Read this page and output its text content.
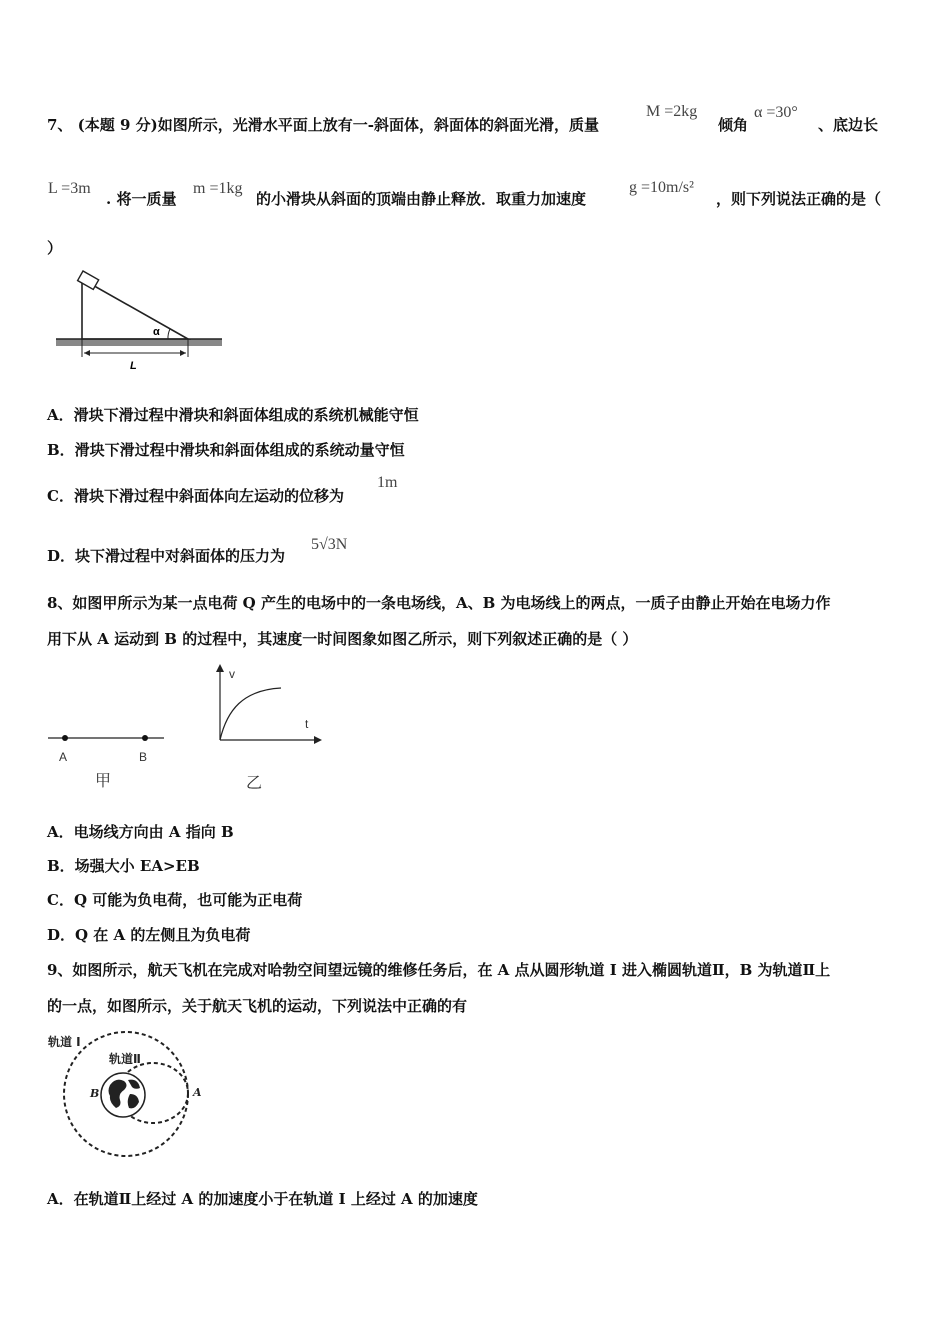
7、 (本题 9 分)如图所示，光滑水平面上放有一-斜面体，斜面体的斜面光滑，质量
M =2kg
倾角
α =30°
、底边长
L =3m
. 将一质量
m =1kg
的小滑块从斜面的顶端由静止释放．取重力加速度
g =10m/s²
，则下列说法正确的是（
）
α
L
A．滑块下滑过程中滑块和斜面体组成的系统机械能守恒
B．滑块下滑过程中滑块和斜面体组成的系统动量守恒
C．滑块下滑过程中斜面体向左运动的位移为
1m
D．块下滑过程中对斜面体的压力为
5√3N
8、如图甲所示为某一点电荷 Q 产生的电场中的一条电场线，A、B 为电场线上的两点，一质子由静止开始在电场力作
用下从 A 运动到 B 的过程中，其速度一时间图象如图乙所示，则下列叙述正确的是（ ）
A	B
甲
v
t
乙
A．电场线方向由 A 指向 B
B．场强大小 EA>EB
C．Q 可能为负电荷，也可能为正电荷
D．Q 在 A 的左侧且为负电荷
9、如图所示，航天飞机在完成对哈勃空间望远镜的维修任务后，在 A 点从圆形轨道 I 进入椭圆轨道Ⅱ，B 为轨道Ⅱ上
的一点，如图所示，关于航天飞机的运动，下列说法中正确的有
轨道 I
轨道Ⅱ
B	A
A．在轨道Ⅱ上经过 A 的加速度小于在轨道 I 上经过 A 的加速度
